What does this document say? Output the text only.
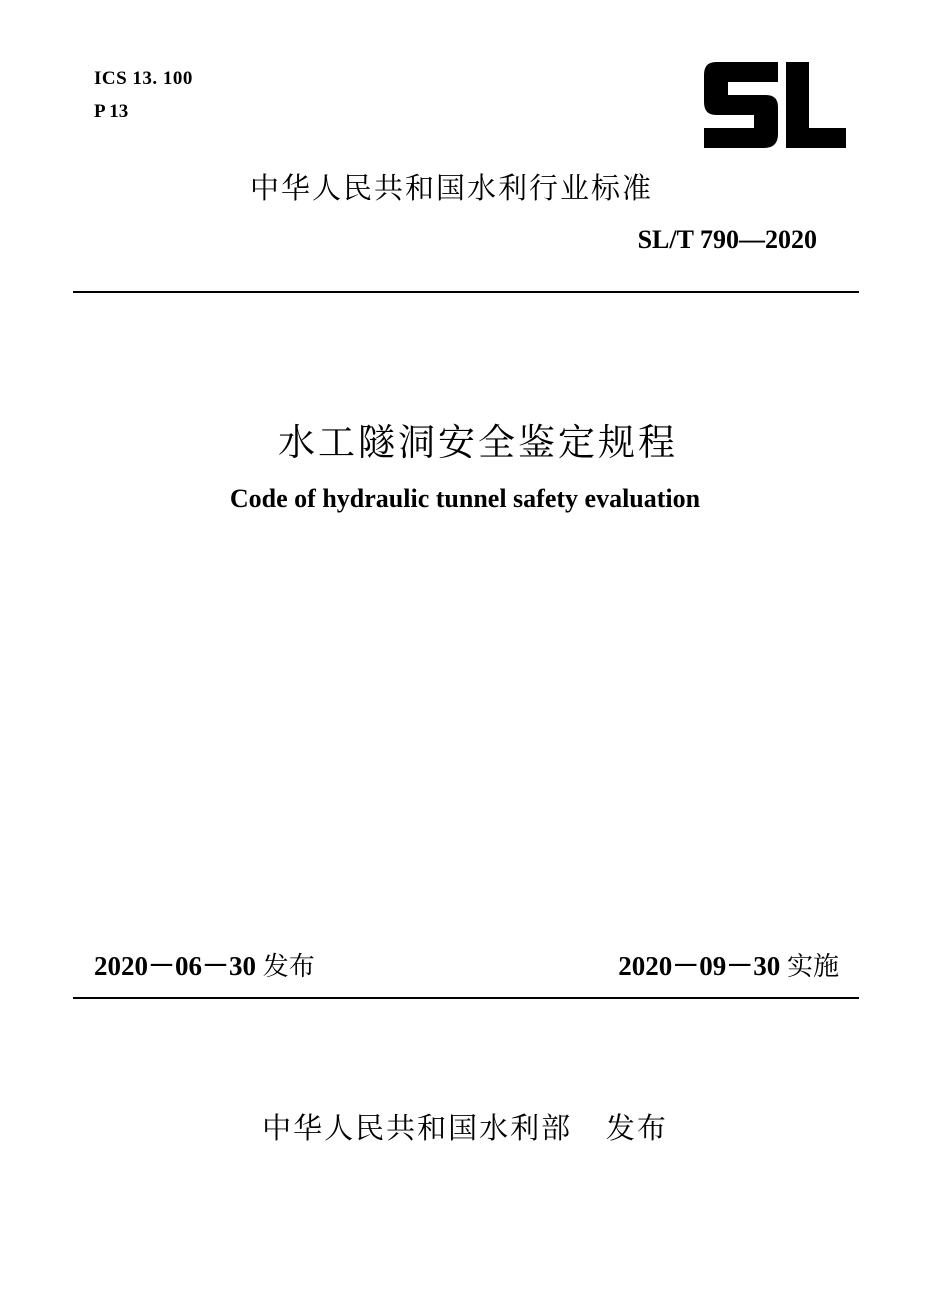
ICS 13. 100
P 13
中华人民共和国水利行业标准
SL/T 790—2020
水工隧洞安全鉴定规程
Code of hydraulic tunnel safety evaluation
2020－06－30 发布	2020－09－30 实施
中华人民共和国水利部 发布
